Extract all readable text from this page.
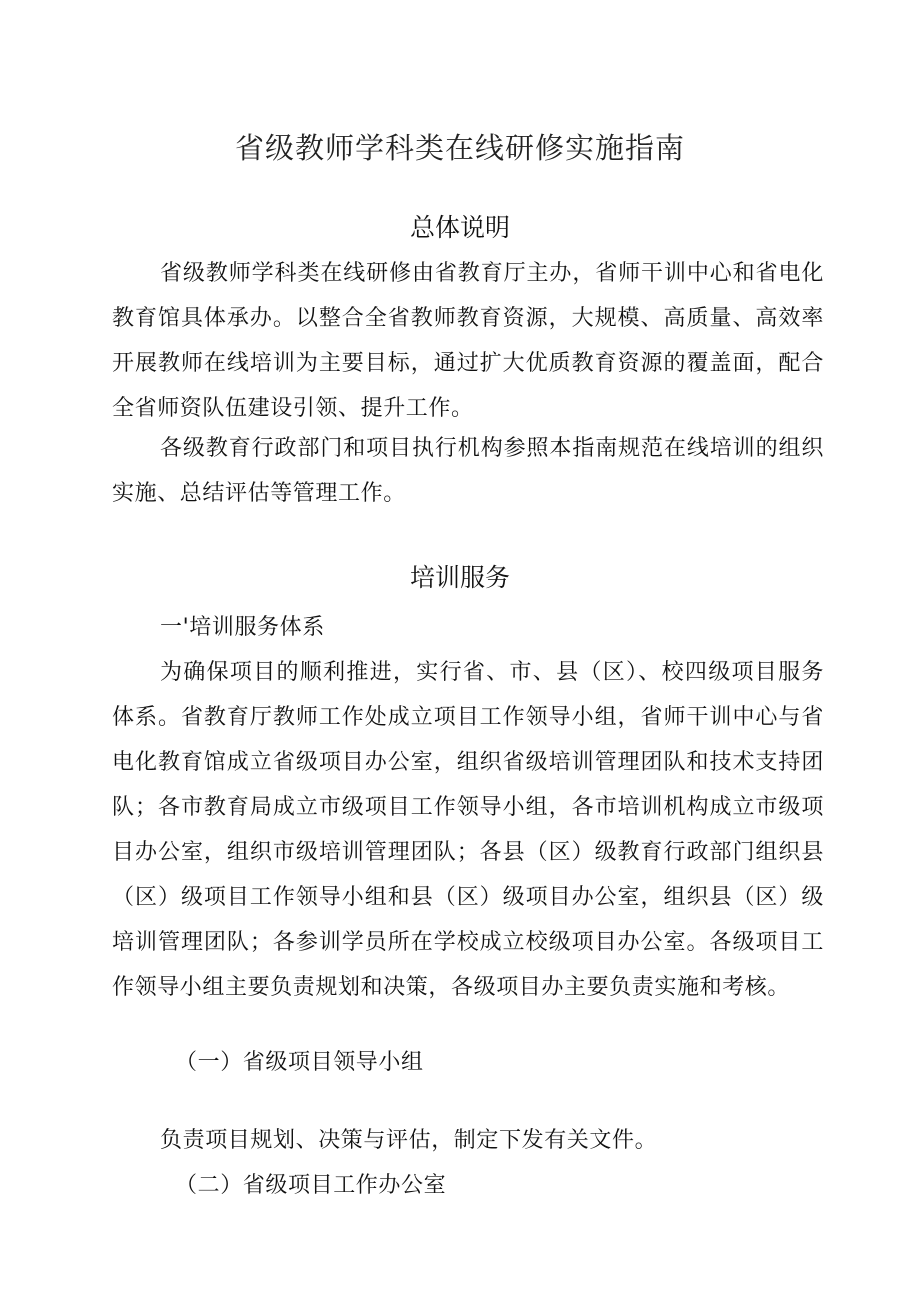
省级教师学科类在线研修实施指南
总体说明
省级教师学科类在线研修由省教育厅主办，省师干训中心和省电化教育馆具体承办。以整合全省教师教育资源，大规模、高质量、高效率开展教师在线培训为主要目标，通过扩大优质教育资源的覆盖面，配合全省师资队伍建设引领、提升工作。
各级教育行政部门和项目执行机构参照本指南规范在线培训的组织实施、总结评估等管理工作。
培训服务
一'培训服务体系
为确保项目的顺利推进，实行省、市、县（区）、校四级项目服务体系。省教育厅教师工作处成立项目工作领导小组，省师干训中心与省电化教育馆成立省级项目办公室，组织省级培训管理团队和技术支持团队；各市教育局成立市级项目工作领导小组，各市培训机构成立市级项目办公室，组织市级培训管理团队；各县（区）级教育行政部门组织县（区）级项目工作领导小组和县（区）级项目办公室，组织县（区）级培训管理团队；各参训学员所在学校成立校级项目办公室。各级项目工作领导小组主要负责规划和决策，各级项目办主要负责实施和考核。
（一）省级项目领导小组
负责项目规划、决策与评估，制定下发有关文件。
（二）省级项目工作办公室
